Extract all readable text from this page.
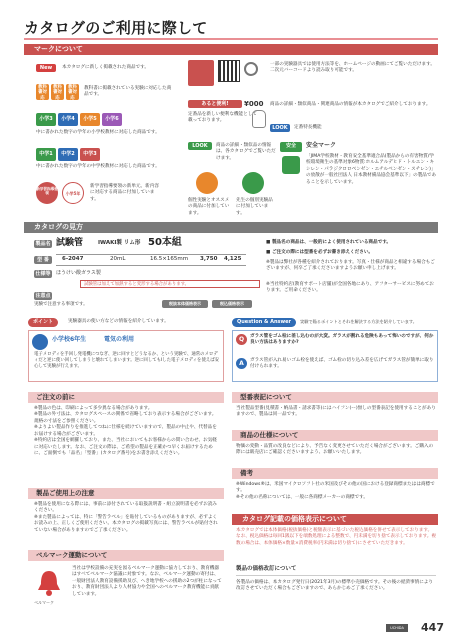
カタログのご利用に際して
マークについて
New	本カタログに新しく掲載された商品です。
教科書対応
教科書対応
教科書対応
教科書に掲載されている実験に対応した商品です。
小学3	小学4	小学5	小学6
中に書かれた数字の学年の小学校教材に対応した商品です。
中学1	中学2	中学3
中に書かれた数字の学年の中学校教材に対応した商品です。
新学習指導要領	小学5年
新学習指導要領の新単元、新内容に対応する商品に付加しています。
一部の実験器具では使用方法等を、ホームページの動画にてご覧いただけます。二次元バーコードより読み取り可能です。
あると便利!
定番品を新しい便利な機能として載っております。
¥000 商品の詳細・類似商品・関連商品の情報が本カタログでご紹介しております。
LOOK	定番特長機能
LOOK	商品の詳細・類似品の情報は、各カタログでご覧いただけます。
安全	安全マーク
「JIMA学校教材・教育安全基準適合品(製品からの有害物質/学校環境衛生の基準対象6物質:ホルムアルデヒド・トルエン・キシレン・パラジクロロベンゼン・エチルベンゼン・スチレン)」の放散が一般社団法人 日本教材備品協会基準以下」の製品であることを示しています。
個性実験とオススメの商品に付加しています。
先生の個別実験品に付加しています。
カタログの見方
製品名 試験管	IWAKI製 リム形 50本組
型 番	6-2047	20mL	16.5×165mm 3,750 4,125
仕様等	ほうけい酸ガラス製
試験管は加えて加熱すると変形する場合があります。
注意点
実験で注意する事項です。	税抜本体価格表示	税込価格表示
■ 製品名の商品は、一般的によく使用されている商品です。
■ ご注文の際には型番を必ずお書き添えください。
※製品は弊社が各種を紹介されております。写真・仕様が商品と相違する場合もございますが、何卒ご了承くださいますようお願い申し上げます。
※当社特約店(教育サポート店舗)が全国各地にあり、アフターサービスに努めております。ご用命ください。
ポイント	実験器具の使い方などの情報を紹介しています。	Question & Answer	実験で陥るポイントとそれを解決する方法を紹介しています。
小学校6年生	電気の利用
電子メロディを手回し発電機につなぎ、逆に回すとどうなるか、という実験で、通常のメロディだと逆に使い回してしまうと壊れてしまいます。逆に回してもIした電子メロディを使えば安心して実験が行えます。
Q	ガラス管をゴム栓に差し込むのが大変。ガラスが割れる危険もあって怖いのですが、何か良い方法はありますか?
A	ガラス管が入れ易いゴム栓を使えば、ゴム栓の切り込み差を広げてガラス管が簡単に取り付けられます。
ご注文の前に
※製品の色は、印刷によって多少異なる場合があります。
※製品の外寸法は、カタログスペースの関係で省略しており表示する場合がございます。規格の寸法をご参照ください。
※よりよい製品作りを推進してつねに仕様を続けていますので、製品の中止や、代替品をお届けする場合がございます。
※特約店は全国を網羅しており、また、当社においてもお客様からの問い合わせ、お気軽に対応いたします。なお、ご注文の際は、ご希望の製品を正確かつ早くお届けするために、ご面倒でも「品名」「型番」(カタログ番号)をお書き添えください。
製品ご使用上の注意
※製品を使用になる際には、事前に添付されている取扱説明書・組立説明書を必ずお読みください。
※また製品によっては、特に「警告ラベル」を貼付しているものがありますが、必ずよくお読みの上、正しくご使用ください。本カタログの掲載写真には、警告ラベルが貼付されていない場合がありますのでご了承ください。
ベルマーク運動について
ベルマーク
当社は学校設備の充実を図るベルマーク運動に協力しており、教育機器はすべてベルマーク協議に対象です。なお、ベルマーク運動の寄付は、一般財団法人教育設備援助及び、へき地学校への援助の2つが柱になっており、教育財団法人より人材協力や全国へのベルマーク教育機能に貢献しています。
型番表記について
当社製品型番(見積書・納品書・請求書等)にはハイフン(ー)無しの型番表記を使用することがありますので、製品は同一品です。
商品の仕様について
物価の変動・品質の改良などにより、予告なく変更させていただく場合がございます。ご購入の際には販売店にご確認くださいますよう、お願いいたします。
備考
※Windows®は、米国マイクロソフト社の米国及びその他の国における登録商標またはは商標です。
※その他の名称については、一般に各商標メーカーの商標です。
カタログ記載の価格表示について
本カタログでは本体価格(税抜価格)と税額表示に基づいた税込価格を併せて表示しております。なお、税込価格は毎回1銭以下を端数処理による整数で、円未満を切り捨て表示しております。複数の場合は、本体価格×数量×消費税率(円未満は切り捨て)にさせていただきます。
製品の価格改訂について
各製品の価格は、本カタログ発行日(2021年3月)の標準小売価格です。その後の経済事情により改訂させていただく場合もございますので、あらかじめご了承ください。
UCHIDA	447
